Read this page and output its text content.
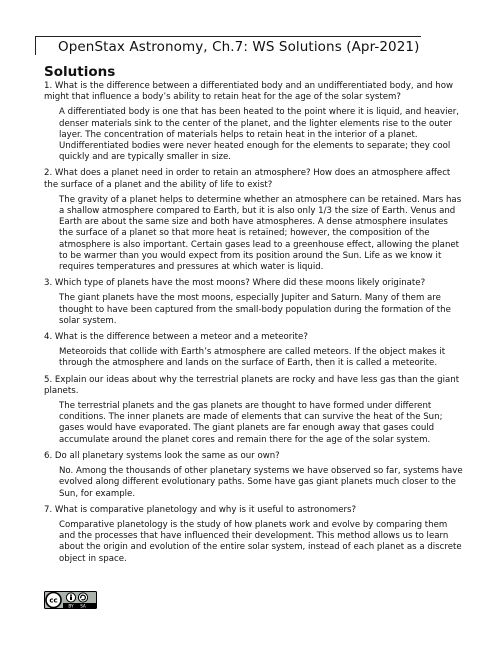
OpenStax Astronomy, Ch.7: WS Solutions (Apr-2021)
Solutions

1. What is the difference between a differentiated body and an undifferentiated body, and how might that influence a body’s ability to retain heat for the age of the solar system?

A differentiated body is one that has been heated to the point where it is liquid, and heavier, denser materials sink to the center of the planet, and the lighter elements rise to the outer layer. The concentration of materials helps to retain heat in the interior of a planet. Undifferentiated bodies were never heated enough for the elements to separate; they cool quickly and are typically smaller in size.

2. What does a planet need in order to retain an atmosphere? How does an atmosphere affect the surface of a planet and the ability of life to exist?

The gravity of a planet helps to determine whether an atmosphere can be retained. Mars has a shallow atmosphere compared to Earth, but it is also only 1/3 the size of Earth. Venus and Earth are about the same size and both have atmospheres. A dense atmosphere insulates the surface of a planet so that more heat is retained; however, the composition of the atmosphere is also important. Certain gases lead to a greenhouse effect, allowing the planet to be warmer than you would expect from its position around the Sun. Life as we know it requires temperatures and pressures at which water is liquid.

3. Which type of planets have the most moons? Where did these moons likely originate?

The giant planets have the most moons, especially Jupiter and Saturn. Many of them are thought to have been captured from the small-body population during the formation of the solar system.

4. What is the difference between a meteor and a meteorite?

Meteoroids that collide with Earth’s atmosphere are called meteors. If the object makes it through the atmosphere and lands on the surface of Earth, then it is called a meteorite.

5. Explain our ideas about why the terrestrial planets are rocky and have less gas than the giant planets.

The terrestrial planets and the gas planets are thought to have formed under different conditions. The inner planets are made of elements that can survive the heat of the Sun; gases would have evaporated. The giant planets are far enough away that gases could accumulate around the planet cores and remain there for the age of the solar system.

6. Do all planetary systems look the same as our own?

No. Among the thousands of other planetary systems we have observed so far, systems have evolved along different evolutionary paths. Some have gas giant planets much closer to the Sun, for example.

7. What is comparative planetology and why is it useful to astronomers?

Comparative planetology is the study of how planets work and evolve by comparing them and the processes that have influenced their development. This method allows us to learn about the origin and evolution of the entire solar system, instead of each planet as a discrete object in space.

cc
BY SA
